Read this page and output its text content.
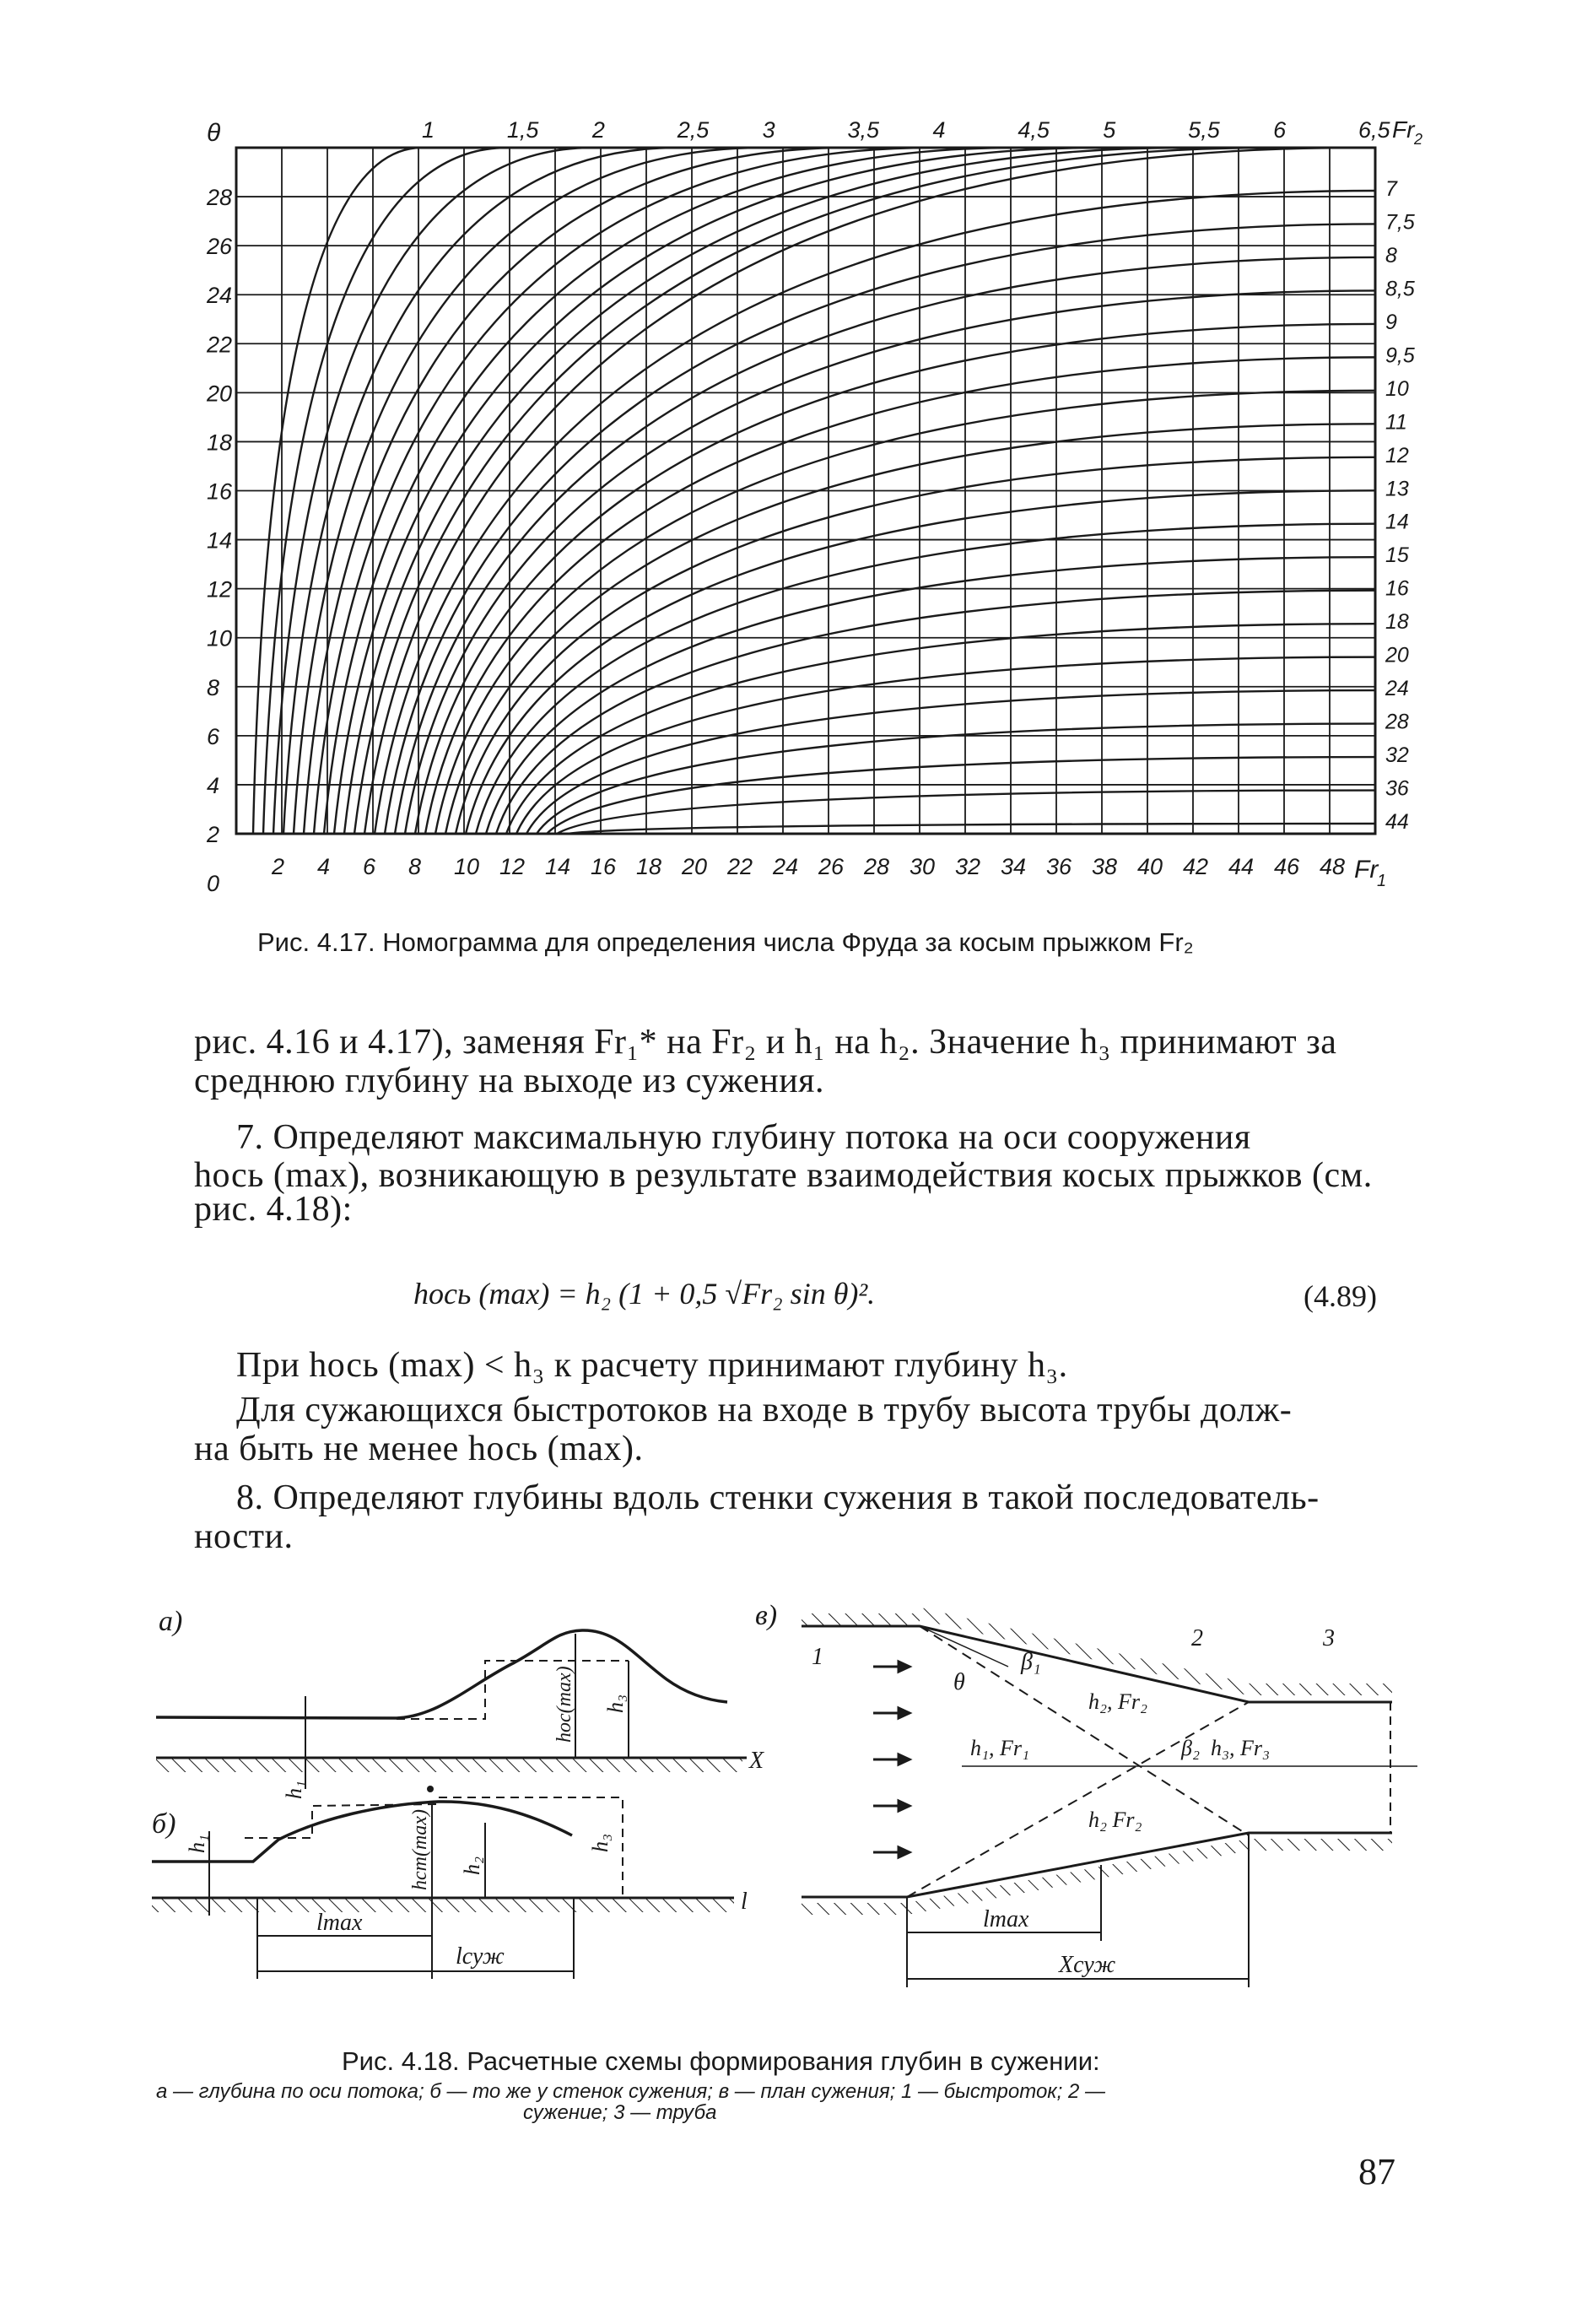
θ
28
26
24
22
20
18
16
14
12
10
8
6
4
2
0
2 4 6 8 10 12 14 16 18 20 22 24 26 28 30 32 34 36 38 40 42 44 46 48 Fr
1
1	1,5 2	2,5 3	3,5 4	4,5 5	5,5 6	6,5 Fr 2
7
7,5
8
8,5
9
9,5
10
11
12
13
14
15
16
18
20
24
28
32
36
44
Рис. 4.17. Номограмма для определения числа Фруда за косым прыжком Fr₂
рис. 4.16 и 4.17), заменяя Fr₁* на Fr₂ и h₁ на h₂. Значение h₃ принимают за
среднюю глубину на выходе из сужения.
7. Определяют максимальную глубину потока на оси сооружения
hось (max), возникающую в результате взаимодействия косых прыжков (см.
рис. 4.18):
hось (max) = h₂ (1 + 0,5 √Fr₂ sin θ)².	(4.89)
При hось (max) < h₃ к расчету принимают глубину h₃.
Для сужающихся быстротоков на входе в трубу высота трубы долж-
на быть не менее hось (max).
8. Определяют глубины вдоль стенки сужения в такой последователь-
ности.
a)
X
h₁
hос(max) h₃
б)
l
h₁	hст(max) h₂
h₃
lmax
lсуж
в)
1
2	3
θ
β₁
β₂
h₂, Fr₂
h₁, Fr₁	h₃, Fr₃
h₂ Fr₂
lmax
Xсуж
Рис. 4.18. Расчетные схемы формирования глубин в сужении:
а — глубина по оси потока; б — то же у стенок сужения; в — план сужения; 1 — быстроток; 2 —
сужение; 3 — труба
87
